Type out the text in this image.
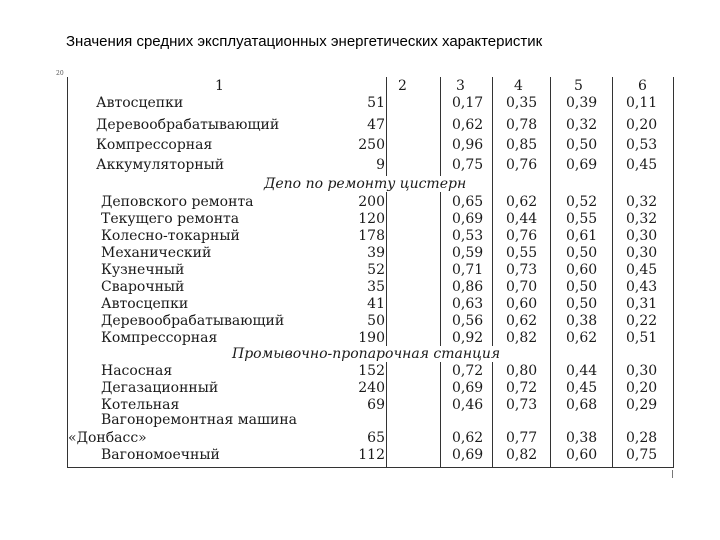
Значения средних эксплуатационных энергетических характеристик
20
1	2	3	4	5	6
Автосцепки	51	0,17	0,35	0,39	0,11
Деревообрабатывающий	47	0,62	0,78	0,32	0,20
Компрессорная	250	0,96	0,85	0,50	0,53
Аккумуляторный	9	0,75	0,76	0,69	0,45
Депо по ремонту цистерн
Деповского ремонта	200	0,65	0,62	0,52	0,32
Текущего ремонта	120	0,69	0,44	0,55	0,32
Колесно-токарный	178	0,53	0,76	0,61	0,30
Механический	39	0,59	0,55	0,50	0,30
Кузнечный	52	0,71	0,73	0,60	0,45
Сварочный	35	0,86	0,70	0,50	0,43
Автосцепки	41	0,63	0,60	0,50	0,31
Деревообрабатывающий	50	0,56	0,62	0,38	0,22
Компрессорная	190	0,92	0,82	0,62	0,51
Промывочно-пропарочная станция
Насосная	152	0,72	0,80	0,44	0,30
Дегазационный	240	0,69	0,72	0,45	0,20
Котельная	69	0,46	0,73	0,68	0,29
Вагоноремонтная машина
«Донбасс»	65	0,62	0,77	0,38	0,28
Вагономоечный	112	0,69	0,82	0,60	0,75
